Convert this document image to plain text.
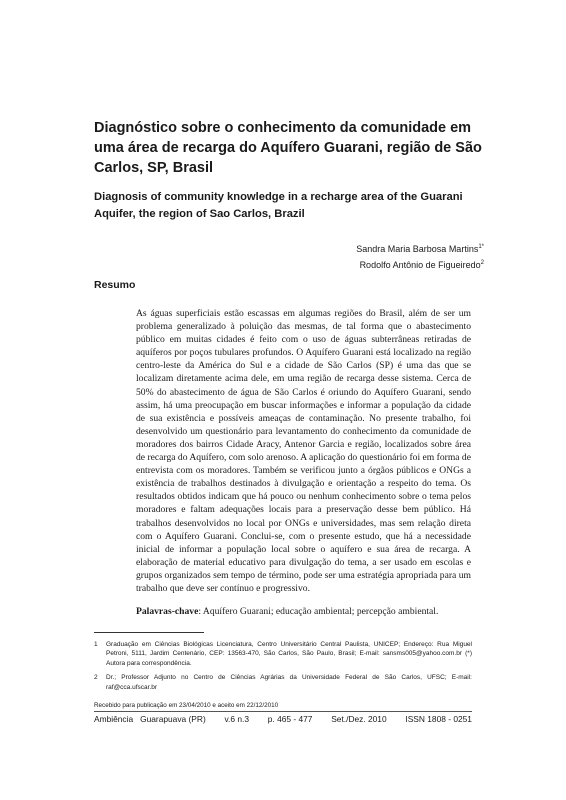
Diagnóstico sobre o conhecimento da comunidade em uma área de recarga do Aquífero Guarani, região de São Carlos, SP, Brasil
Diagnosis of community knowledge in a recharge area of the Guarani Aquifer, the region of Sao Carlos, Brazil
Sandra Maria Barbosa Martins$^{1*}$
Rodolfo Antônio de Figueiredo$^2$
Resumo

As águas superficiais estão escassas em algumas regiões do Brasil, além de ser um problema generalizado à poluição das mesmas, de tal forma que o abastecimento público em muitas cidades é feito com o uso de águas subterrâneas retiradas de aquíferos por poços tubulares profundos. O Aquífero Guarani está localizado na região centro-leste da América do Sul e a cidade de São Carlos (SP) é uma das que se localizam diretamente acima dele, em uma região de recarga desse sistema. Cerca de 50% do abastecimento de água de São Carlos é oriundo do Aquífero Guarani, sendo assim, há uma preocupação em buscar informações e informar a população da cidade de sua existência e possíveis ameaças de contaminação. No presente trabalho, foi desenvolvido um questionário para levantamento do conhecimento da comunidade de moradores dos bairros Cidade Aracy, Antenor Garcia e região, localizados sobre área de recarga do Aquífero, com solo arenoso. A aplicação do questionário foi em forma de entrevista com os moradores. Também se verificou junto a órgãos públicos e ONGs a existência de trabalhos destinados à divulgação e orientação a respeito do tema. Os resultados obtidos indicam que há pouco ou nenhum conhecimento sobre o tema pelos moradores e faltam adequações locais para a preservação desse bem público. Há trabalhos desenvolvidos no local por ONGs e universidades, mas sem relação direta com o Aquífero Guarani. Conclui-se, com o presente estudo, que há a necessidade inicial de informar a população local sobre o aquífero e sua área de recarga. A elaboração de material educativo para divulgação do tema, a ser usado em escolas e grupos organizados sem tempo de término, pode ser uma estratégia apropriada para um trabalho que deve ser contínuo e progressivo.

Palavras-chave: Aquífero Guarani; educação ambiental; percepção ambiental.

1	Graduação em Ciências Biológicas Licenciatura, Centro Universitário Central Paulista, UNICEP; Endereço: Rua Miguel Petroni, 5111, Jardim Centenário, CEP: 13563-470, São Carlos, São Paulo, Brasil; E-mail: sansms005@yahoo.com.br (*) Autora para correspondência.
2	Dr.; Professor Adjunto no Centro de Ciências Agrárias da Universidade Federal de São Carlos, UFSC; E-mail: raf@cca.ufscar.br
Recebido para publicação em 23/04/2010 e aceito em 22/12/2010
Ambiência Guarapuava (PR) v.6 n.3 p. 465 - 477 Set./Dez. 2010 ISSN 1808 - 0251
